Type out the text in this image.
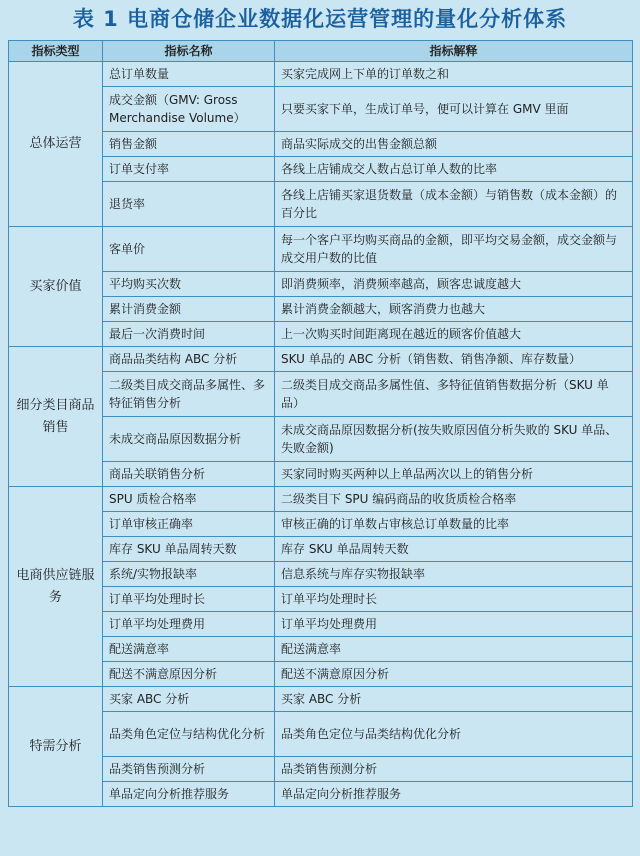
表 1 电商仓储企业数据化运营管理的量化分析体系
指标类型	指标名称	指标解释
总体运营	总订单数量	买家完成网上下单的订单数之和
	成交金额（GMV: Gross Merchandise Volume）	只要买家下单，生成订单号，便可以计算在 GMV 里面
	销售金额	商品实际成交的出售金额总额
	订单支付率	各线上店铺成交人数占总订单人数的比率
	退货率	各线上店铺买家退货数量（成本金额）与销售数（成本金额）的百分比
买家价值	客单价	每一个客户平均购买商品的金额，即平均交易金额，成交金额与成交用户数的比值
	平均购买次数	即消费频率，消费频率越高，顾客忠诚度越大
	累计消费金额	累计消费金额越大，顾客消费力也越大
	最后一次消费时间	上一次购买时间距离现在越近的顾客价值越大
细分类目商品销售	商品品类结构 ABC 分析	SKU 单品的 ABC 分析（销售数、销售净额、库存数量）
	二级类目成交商品多属性、多特征销售分析	二级类目成交商品多属性值、多特征值销售数据分析（SKU 单品）
	未成交商品原因数据分析	未成交商品原因数据分析(按失败原因值分析失败的 SKU 单品、失败金额)
	商品关联销售分析	买家同时购买两种以上单品两次以上的销售分析
电商供应链服务	SPU 质检合格率	二级类目下 SPU 编码商品的收货质检合格率
	订单审核正确率	审核正确的订单数占审核总订单数量的比率
	库存 SKU 单品周转天数	库存 SKU 单品周转天数
	系统/实物报缺率	信息系统与库存实物报缺率
	订单平均处理时长	订单平均处理时长
	订单平均处理费用	订单平均处理费用
	配送满意率	配送满意率
	配送不满意原因分析	配送不满意原因分析
特需分析	买家 ABC 分析	买家 ABC 分析
	品类角色定位与结构优化分析	品类角色定位与品类结构优化分析
	品类销售预测分析	品类销售预测分析
	单品定向分析推荐服务	单品定向分析推荐服务
